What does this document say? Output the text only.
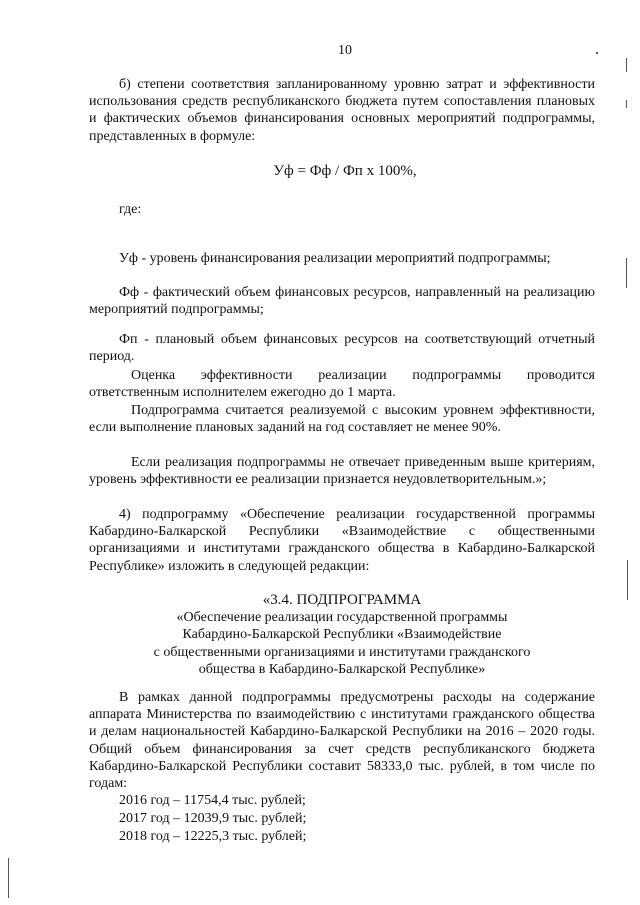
10

б) степени соответствия запланированному уровню затрат и эффективности использования средств республиканского бюджета путем сопоставления плановых и фактических объемов финансирования основных мероприятий подпрограммы, представленных в формуле:

Уф = Фф / Фп х 100%,
где:

Уф - уровень финансирования реализации мероприятий подпрограммы;

Фф - фактический объем финансовых ресурсов, направленный на реализацию мероприятий подпрограммы;

Фп - плановый объем финансовых ресурсов на соответствующий отчетный период.

Оценка эффективности реализации подпрограммы проводится ответственным исполнителем ежегодно до 1 марта.

Подпрограмма считается реализуемой с высоким уровнем эффективности, если выполнение плановых заданий на год составляет не менее 90%.

Если реализация подпрограммы не отвечает приведенным выше критериям, уровень эффективности ее реализации признается неудовлетворительным.»;

4) подпрограмму «Обеспечение реализации государственной программы Кабардино-Балкарской Республики «Взаимодействие с общественными организациями и институтами гражданского общества в Кабардино-Балкарской Республике» изложить в следующей редакции:

«3.4. ПОДПРОГРАММА
«Обеспечение реализации государственной программы
Кабардино-Балкарской Республики «Взаимодействие
с общественными организациями и институтами гражданского
общества в Кабардино-Балкарской Республике»

В рамках данной подпрограммы предусмотрены расходы на содержание аппарата Министерства по взаимодействию с институтами гражданского общества и делам национальностей Кабардино-Балкарской Республики на 2016 – 2020 годы. Общий объем финансирования за счет средств республиканского бюджета Кабардино-Балкарской Республики составит 58333,0 тыс. рублей, в том числе по годам:

2016 год – 11754,4 тыс. рублей;
2017 год – 12039,9 тыс. рублей;
2018 год – 12225,3 тыс. рублей;
